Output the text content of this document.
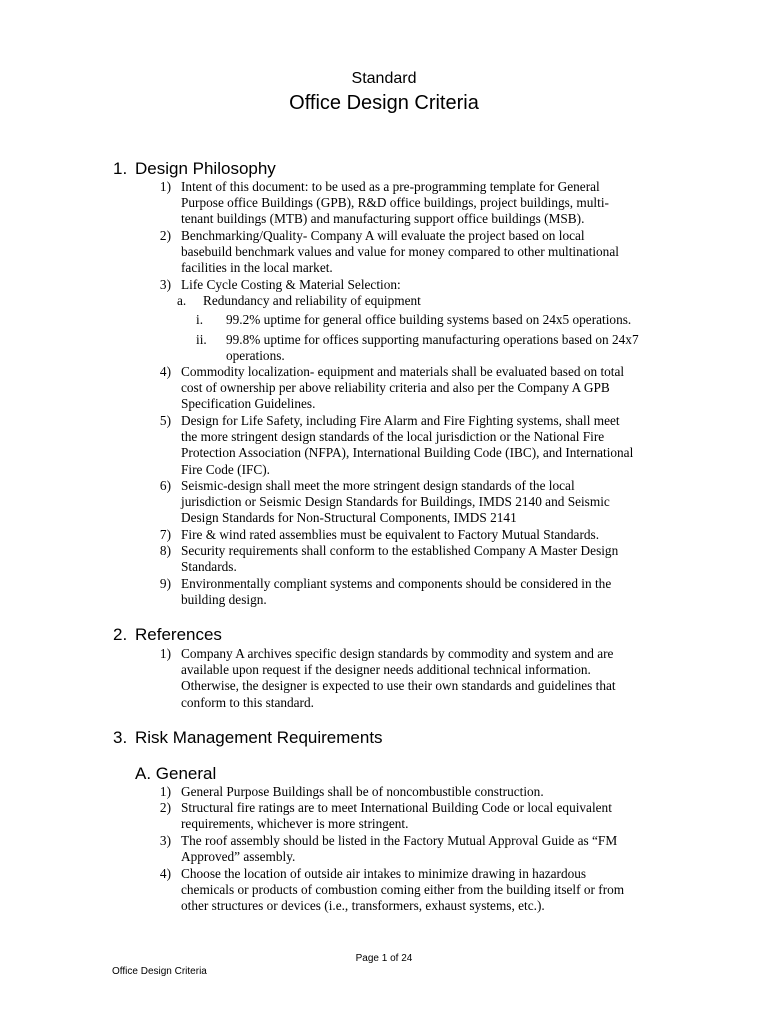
Standard
Office Design Criteria
1. Design Philosophy
1) Intent of this document: to be used as a pre-programming template for General
Purpose office Buildings (GPB), R&D office buildings, project buildings, multi-
tenant buildings (MTB) and manufacturing support office buildings (MSB).
2) Benchmarking/Quality- Company A will evaluate the project based on local
basebuild benchmark values and value for money compared to other multinational
facilities in the local market.
3) Life Cycle Costing & Material Selection:
a.	Redundancy and reliability of equipment
i.	99.2% uptime for general office building systems based on 24x5 operations.
ii.	99.8% uptime for offices supporting manufacturing operations based on 24x7
operations.
4) Commodity localization- equipment and materials shall be evaluated based on total
cost of ownership per above reliability criteria and also per the Company A GPB
Specification Guidelines.
5) Design for Life Safety, including Fire Alarm and Fire Fighting systems, shall meet
the more stringent design standards of the local jurisdiction or the National Fire
Protection Association (NFPA), International Building Code (IBC), and International
Fire Code (IFC).
6) Seismic-design shall meet the more stringent design standards of the local
jurisdiction or Seismic Design Standards for Buildings, IMDS 2140 and Seismic
Design Standards for Non-Structural Components, IMDS 2141
7) Fire & wind rated assemblies must be equivalent to Factory Mutual Standards.
8) Security requirements shall conform to the established Company A Master Design
Standards.
9) Environmentally compliant systems and components should be considered in the
building design.
2. References
1) Company A archives specific design standards by commodity and system and are
available upon request if the designer needs additional technical information.
Otherwise, the designer is expected to use their own standards and guidelines that
conform to this standard.
3. Risk Management Requirements
A. General
1) General Purpose Buildings shall be of noncombustible construction.
2) Structural fire ratings are to meet International Building Code or local equivalent
requirements, whichever is more stringent.
3) The roof assembly should be listed in the Factory Mutual Approval Guide as “FM
Approved” assembly.
4) Choose the location of outside air intakes to minimize drawing in hazardous
chemicals or products of combustion coming either from the building itself or from
other structures or devices (i.e., transformers, exhaust systems, etc.).
Page 1 of 24
Office Design Criteria
